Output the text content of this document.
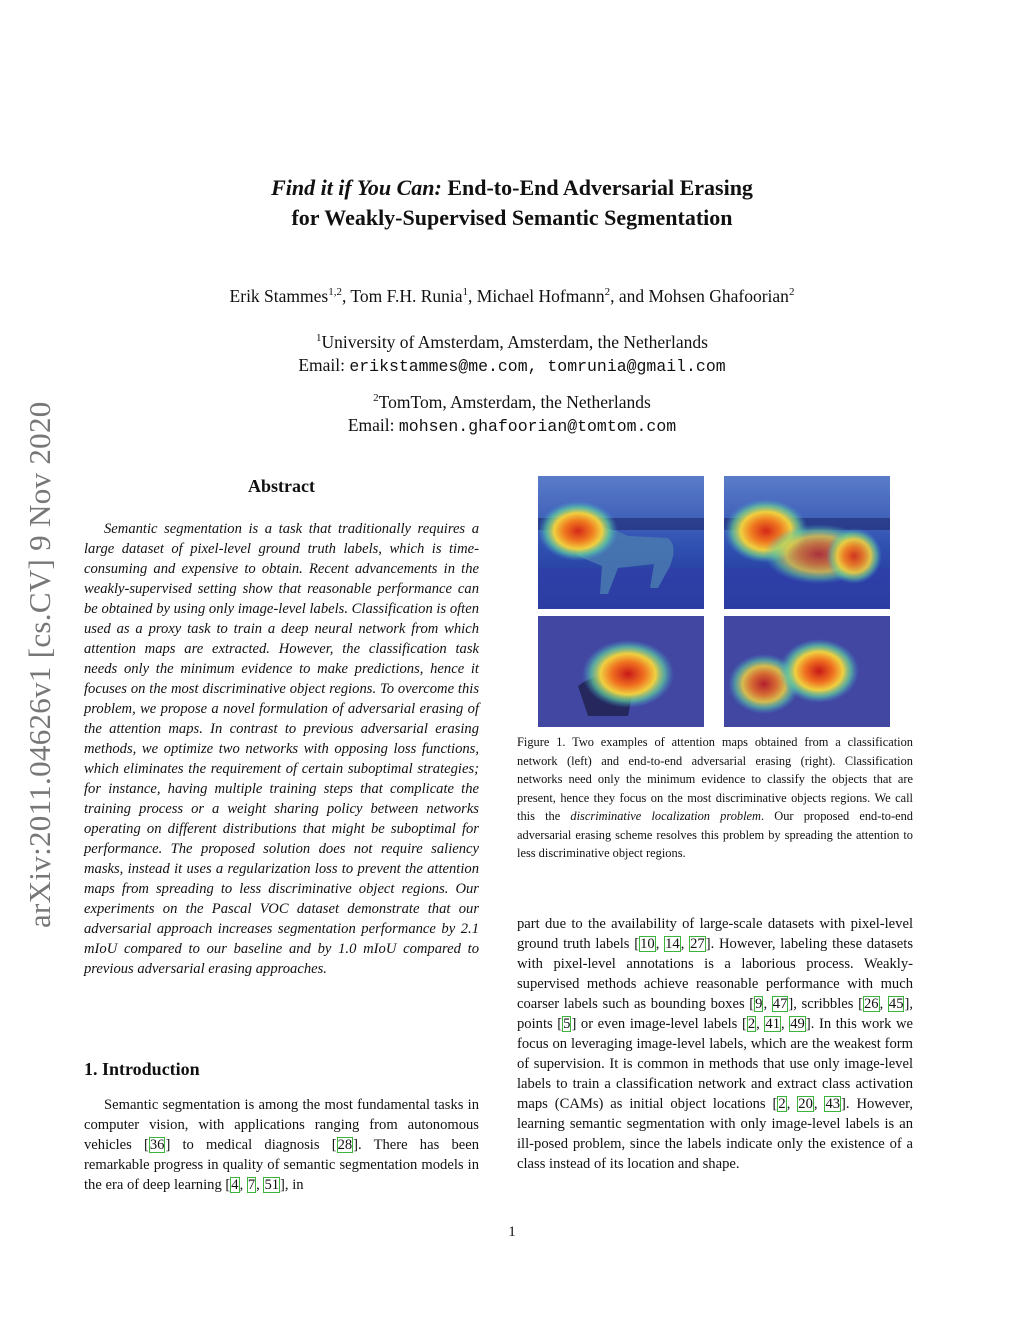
arXiv:2011.04626v1 [cs.CV] 9 Nov 2020
Find it if You Can: End-to-End Adversarial Erasing
for Weakly-Supervised Semantic Segmentation
Erik Stammes$^{1,2}$, Tom F.H. Runia$^1$, Michael Hofmann$^2$, and Mohsen Ghafoorian$^2$
$^1$University of Amsterdam, Amsterdam, the Netherlands
Email: erikstammes@me.com, tomrunia@gmail.com
$^2$TomTom, Amsterdam, the Netherlands
Email: mohsen.ghafoorian@tomtom.com
Abstract
Semantic segmentation is a task that traditionally requires a large dataset of pixel-level ground truth labels, which is time-consuming and expensive to obtain. Recent advancements in the weakly-supervised setting show that reasonable performance can be obtained by using only image-level labels. Classification is often used as a proxy task to train a deep neural network from which attention maps are extracted. However, the classification task needs only the minimum evidence to make predictions, hence it focuses on the most discriminative object regions. To overcome this problem, we propose a novel formulation of adversarial erasing of the attention maps. In contrast to previous adversarial erasing methods, we optimize two networks with opposing loss functions, which eliminates the requirement of certain suboptimal strategies; for instance, having multiple training steps that complicate the training process or a weight sharing policy between networks operating on different distributions that might be suboptimal for performance. The proposed solution does not require saliency masks, instead it uses a regularization loss to prevent the attention maps from spreading to less discriminative object regions. Our experiments on the Pascal VOC dataset demonstrate that our adversarial approach increases segmentation performance by 2.1 mIoU compared to our baseline and by 1.0 mIoU compared to previous adversarial erasing approaches.
1. Introduction
Semantic segmentation is among the most fundamental tasks in computer vision, with applications ranging from autonomous vehicles [36] to medical diagnosis [28]. There has been remarkable progress in quality of semantic segmentation models in the era of deep learning [4, 7, 51], in
part due to the availability of large-scale datasets with pixel-level ground truth labels [10, 14, 27]. However, labeling these datasets with pixel-level annotations is a laborious process. Weakly-supervised methods achieve reasonable performance with much coarser labels such as bounding boxes [9, 47], scribbles [26, 45], points [5] or even image-level labels [2, 41, 49]. In this work we focus on leveraging image-level labels, which are the weakest form of supervision. It is common in methods that use only image-level labels to train a classification network and extract class activation maps (CAMs) as initial object locations [2, 20, 43]. However, learning semantic segmentation with only image-level labels is an ill-posed problem, since the labels indicate only the existence of a class instead of its location and shape.
Figure 1. Two examples of attention maps obtained from a classification network (left) and end-to-end adversarial erasing (right). Classification networks need only the minimum evidence to classify the objects that are present, hence they focus on the most discriminative objects regions. We call this the discriminative localization problem. Our proposed end-to-end adversarial erasing scheme resolves this problem by spreading the attention to less discriminative object regions.
1
